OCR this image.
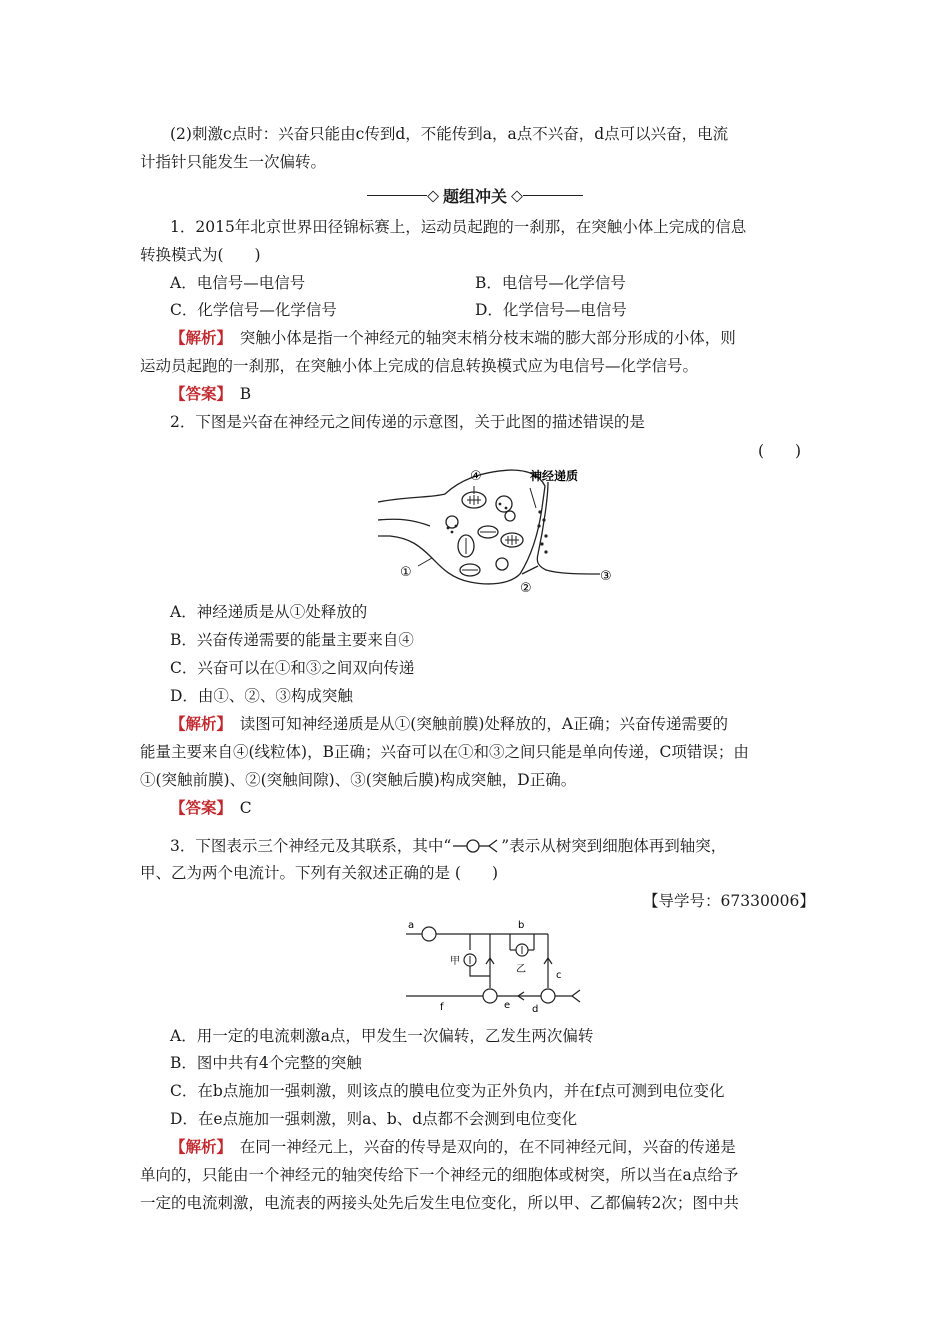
(2)刺激c点时：兴奋只能由c传到d，不能传到a，a点不兴奋，d点可以兴奋，电流
计指针只能发生一次偏转。
◇ 题组冲关 ◇
1．2015年北京世界田径锦标赛上，运动员起跑的一刹那，在突触小体上完成的信息
转换模式为(　　)
A．电信号—电信号	B．电信号—化学信号
C．化学信号—化学信号	D．化学信号—电信号
【解析】　突触小体是指一个神经元的轴突末梢分枝末端的膨大部分形成的小体，则
运动员起跑的一刹那，在突触小体上完成的信息转换模式应为电信号—化学信号。
【答案】　B
2．下图是兴奋在神经元之间传递的示意图，关于此图的描述错误的是
(　　)
④	神经递质
①
②
③
A．神经递质是从①处释放的
B．兴奋传递需要的能量主要来自④
C．兴奋可以在①和③之间双向传递
D．由①、②、③构成突触
【解析】　读图可知神经递质是从①(突触前膜)处释放的，A正确；兴奋传递需要的
能量主要来自④(线粒体)，B正确；兴奋可以在①和③之间只能是单向传递，C项错误；由
①(突触前膜)、②(突触间隙)、③(突触后膜)构成突触，D正确。
【答案】　C
3．下图表示三个神经元及其联系，其中“	”表示从树突到细胞体再到轴突，
甲、乙为两个电流计。下列有关叙述正确的是 (　　)
【导学号：67330006】
a	b
c
d
e
f
甲
乙
A．用一定的电流刺激a点，甲发生一次偏转，乙发生两次偏转
B．图中共有4个完整的突触
C．在b点施加一强刺激，则该点的膜电位变为正外负内，并在f点可测到电位变化
D．在e点施加一强刺激，则a、b、d点都不会测到电位变化
【解析】　在同一神经元上，兴奋的传导是双向的，在不同神经元间，兴奋的传递是
单向的，只能由一个神经元的轴突传给下一个神经元的细胞体或树突，所以当在a点给予
一定的电流刺激，电流表的两接头处先后发生电位变化，所以甲、乙都偏转2次；图中共
